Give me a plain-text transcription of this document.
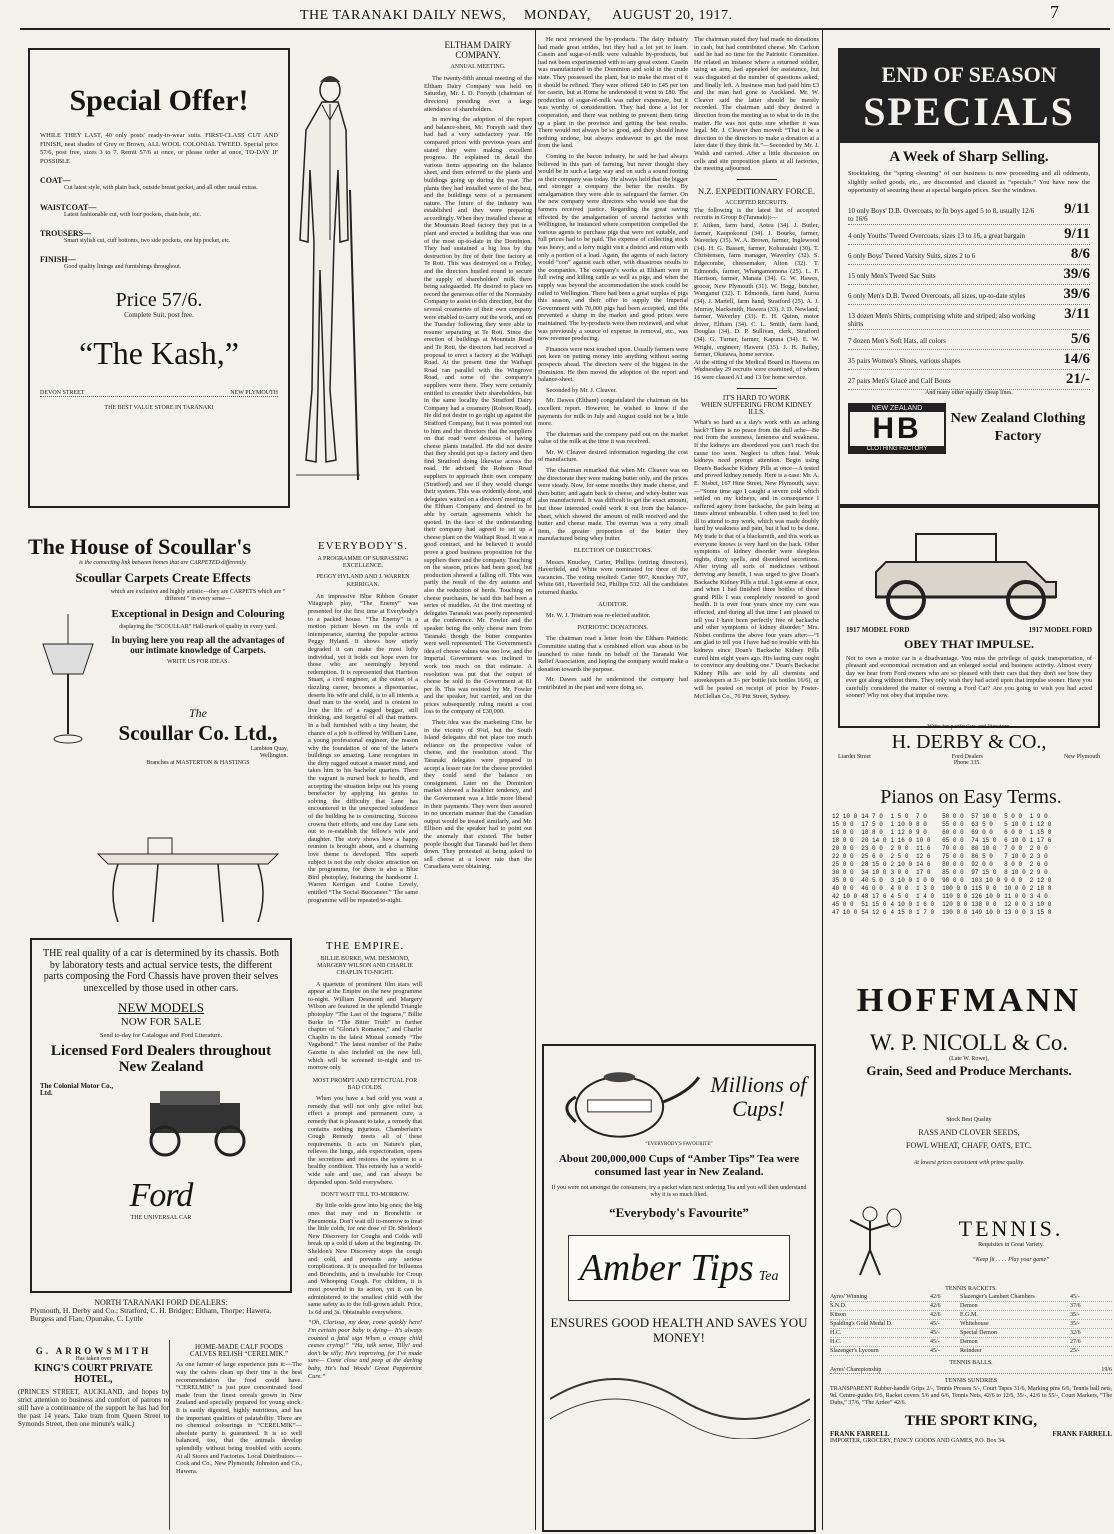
THE TARANAKI DAILY NEWS, MONDAY, AUGUST 20, 1917.	7
Special Offer!
WHILE THEY LAST, 40 only posts' ready-to-wear suits. FIRST-CLASS CUT AND FINISH, neat shades of Grey or Brown, ALL WOOL COLONIAL TWEED. Special price 57/6, post free, sizes 3 to 7. Remit 57/6 at once, or please order at once, TO-DAY IF POSSIBLE
COAT—
Cut latest style, with plain back, outside breast pocket, and all other usual extras.
WAISTCOAT—
Latest fashionable cut, with four pockets, chain hole, etc.
TROUSERS—
Smart stylish cut, cuff bottoms, two side pockets, one hip pocket, etc.
FINISH—
Good quality linings and furnishings throughout.
Price 57/6.
Complete Suit, post free.
“The Kash,”
DEVON STREET	NEW PLYMOUTH
THE BEST VALUE STORE IN TARANAKI
The House of Scoullar's
is the connecting link between homes that are CARPETED differently.
Scoullar Carpets Create Effects
which are exclusive and highly artistic—they are CARPETS which are “ different ” in every sense—
Exceptional in Design and Colouring
displaying the “SCOULLAR” Hall-mark of quality in every yard.
In buying here you reap all the advantages of our intimate knowledge of Carpets.
WRITE US FOR IDEAS.
The
Scoullar Co. Ltd.,
Lambton Quay,
Wellington.
Branches at MASTERTON & HASTINGS
THE real quality of a car is determined by its chassis. Both by laboratory tests and actual service tests, the different parts composing the Ford Chassis have proven their selves unexcelled by those used in other cars.
NEW MODELS
NOW FOR SALE
Send to-day for Catalogue and Ford Literature.
Licensed Ford Dealers throughout New Zealand
The Colonial Motor Co., Ltd.
Ford
THE UNIVERSAL CAR
NORTH TARANAKI FORD DEALERS:
Plymouth, H. Derby and Co.; Stratford, C. H. Bridger; Eltham, Thorpe; Hawera, Burgess and Flan; Opunake, C. Lyttle
G. ARROWSMITH
Has taken over
KING'S COURT PRIVATE HOTEL,
(PRINCES STREET, AUCKLAND, and hopes by strict attention to business and comfort of patrons to still have a continuance of the support he has had for the past 14 years. Take tram from Queen Street to Symonds Street, then one minute's walk.)
HOME-MADE CALF FOODS
CALVES RELISH “CERELMIK.”
As one farmer of large experience puts it:—The way the calves clean up their tins is the best recommendation the food could have. “CERELMIK” is just pure concentrated food made from the finest cereals grown in New Zealand and specially prepared for young stock. It is easily digested, highly nutritious, and has the important qualities of palatability. There are no chemical colourings in “CERELMIK”—absolute purity is guaranteed. It is so well balanced, too, that the animals develop splendidly without being troubled with scours. At all Stores and Factories. Local Distributors.—Cock and Co., New Plymouth; Johnston and Co., Hawera.
EVERYBODY'S.
A PROGRAMME OF SURPASSING EXCELLENCE.
PEGGY HYLAND AND J. WARREN KERRIGAN.

An impressive Blue Ribbon Greater Vitagraph play, “The Enemy” was presented for the first time at Everybody's to a packed house. “The Enemy” is a motion picture blown on the evils of intemperance, starring the popular actress Peggy Hyland. It shows how utterly degraded it can make the most lofty individual, yet it holds out hope even for those who are seemingly beyond redemption. It is represented that Harrison Stuart, a civil engineer, at the outset of a dazzling career, becomes a dipsomaniac, deserts his wife and child, is to all intents a dead man to the world, and is content to live the life of a ragged beggar, still drinking, and forgetful of all that matters. In a hall furnished with a tiny heater, the chance of a job is offered by William Lane, a young professional engineer, the reason why the foundation of one of the latter's buildings so amazing. Lane recognises in the dirty ragged outcast a master mind, and takes him to his bachelor quarters. There the vagrant is nursed back to health, and accepting the situation helps out his young benefactor by applying his genius to solving the difficulty that Lane has encountered in the unexpected subsidence of the building he is constructing. Success crowns their efforts, and one day Lane sets out to re-establish the fellow's wife and daughter. The story shows how a happy reunion is brought about, and a charming love theme is developed. This superb subject is not the only choice attraction on the programme, for there is also a Blue Bird photoplay, featuring the handsome J. Warren Kerrigan and Louise Lovely, entitled “The Social Buccaneer.” The same programme will be repeated to-night.

THE EMPIRE.
BILLIE BURKE, WM. DESMOND, MARGERY WILSON AND CHARLIE CHAPLIN TO-NIGHT.
A quartette of prominent film stars will appear at the Empire on the new programme to-night. William Desmond and Margery Wilson are featured in the splendid Triangle photoplay “The Last of the Ingrams,” Billie Burke in “The Bitter Truth” in further chapter of “Gloria's Romance,” and Charlie Chaplin in the latest Mutual comedy “The Vagabond.” The latest number of the Pathe Gazette is also included on the new bill, which will be screened to-night and to-morrow only.
MOST PROMPT AND EFFECTUAL FOR BAD COLDS.
When you have a bad cold you want a remedy that will not only give relief but effect a prompt and permanent cure, a remedy that is pleasant to take, a remedy that contains nothing injurious. Chamberlain's Cough Remedy meets all of these requirements. It acts on Nature's plan, relieves the lungs, aids expectoration, opens the secretions and restores the system to a healthy condition. This remedy has a world-wide sale and use, and can always be depended upon. Sold everywhere.
DON'T WAIT TILL TO-MORROW.
By little colds grow into big ones; the big ones that may end in Bronchitis or Pneumonia. Don't wait till to-morrow to treat the little colds, for one dose of Dr. Sheldon's New Discovery for Coughs and Colds will break up a cold if taken at the beginning. Dr. Sheldon's New Discovery stops the cough and cold, and prevents any serious complications. It is unequalled for Influenza and Bronchitis, and is invaluable for Croup and Whooping Cough. For children, it is most powerful in its action, yet it can be administered to the smallest child with the same safety as to the full-grown adult. Price, 1s 6d and 3s. Obtainable everywhere.
“Oh, Clarissa, my dear, come quickly here! I'm certain poor baby is dying— It's always counted a fatal sign When a croupy child ceases crying!” “Ha, talk sense, Tilly! and don't be silly; He's improving, for I've made sure— Come close and peep at the darling baby, He's had Woods' Great Peppermint Cure.”
ELTHAM DAIRY COMPANY.
ANNUAL MEETING.

The twenty-fifth annual meeting of the Eltham Dairy Company was held on Saturday, Mr. I. D. Forsyth (chairman of directors) presiding over a large attendance of shareholders.

In moving the adoption of the report and balance-sheet, Mr. Forsyth said they had had a very satisfactory year. He compared prices with previous years and stated they were making excellent progress. He explained in detail the various items appearing on the balance sheet, and then referred to the plants and buildings going up during the year. The plants they had installed were of the best, and the buildings were of a permanent nature. The future of the industry was established and they were preparing accordingly. When they installed cheese at the Mountain Road factory they put in a plant and erected a building that was one of the most up-to-date in the Dominion. They had sustained a big loss by the destruction by fire of their fine factory at Te Roti. This was destroyed on a Friday, and the directors hustled round to secure the supply of shareholders' milk there being safeguarded. He desired to place on record the generous offer of the Normanby Company to assist in this direction, but the several creameries of their own company were enabled to carry out the work, and on the Tuesday following they were able to resume separating at Te Roti. Since the erection of buildings at Mountain Road and Te Roti, the directors had received a proposal to erect a factory at the Waihapi Road. At the present time the Waihapi Road ran parallel with the Wingrove Road, and some of the company's suppliers were there. They were certainly entitled to consider their shareholders, but in the same locality the Stratford Dairy Company had a creamery (Robson Road). He did not desire to go right up against the Stratford Company, but it was pointed out to him and the directors that the suppliers on that road were desirous of having cheese plants installed. He did not desire that they should put up a factory and then find Stratford doing likewise across the road. He advised the Robson Road suppliers to approach their own company (Stratford) and see if they would change their system. This was evidently done, and delegates waited on a directors' meeting of the Eltham Company and desired to be able by certain agreements which he quoted. In the face of the understanding their company had agreed to set up a cheese plant on the Waihapi Road. It was a good contract, and he believed it would prove a good business proposition for the suppliers there and the company. Touching on the season, prices had been good, but production showed a falling off. This was partly the result of the dry autumn and also the reduction of herds. Touching on cheese purchases, he said this had been a series of muddles. At the first meeting of delegates Taranaki was poorly represented at the conference. Mr. Fowler and the speaker being the only cheese men from Taranaki though the butter companies were well represented. The Government's idea of cheese values was too low, and the Imperial Government was inclined to work too much on that estimate. A resolution was put that the output of cheese be sold to the Government at 81 per lb. This was resisted by Mr. Fowler and the speaker, but carried, and on the prices subsequently ruling meant a cost loss to the company of £30,000.

Their idea was the marketing Ctte. be in the vicinity of 9¼d, but the South Island delegates did not place too much reliance on the prospective value of cheese, and the resolution stood. The Taranaki delegates were prepared to accept a lesser rate for the cheese provided they could send the balance on consignment. Later on the Dominion market showed a healthier tendency, and the Government was a little more liberal in their payments. They were then assured in no uncertain manner that the Canadian output would be treated similarly, and Mr. Ellison and the speaker had to point out the anomaly that existed. The butter people thought that Taranaki had let them down. They protested at being asked to sell cheese at a lower rate than the Canadians were obtaining.

He next reviewed the by-products. The dairy industry had made great strides, but they had a lot yet to learn. Casein and sugar-of-milk were valuable by-products, but had not been experimented with to any great extent. Casein was manufactured in the Dominion and sold in the crude state. They possessed the plant, but to make the most of it it should be refined. They were offered £40 to £45 per ton for casein, but at Home he understood it went to £80. The production of sugar-of-milk was rather expensive, but it was worthy of consideration. They had done a lot for cooperation, and there was nothing to prevent them tiring up a plant in the province and getting the best results. There would not always be so good, and they should leave nothing undone, but always endeavour to get the most from the land.

Coming to the bacon industry, he said he had always believed in this part of farming, but never thought they would be in such a large way and on such a sound footing as their company was today. He always held that the bigger and stronger a company the better the results. By amalgamation they were able to safeguard the farmer. On the new company were directors who would see that the farmers received justice. Regarding the great saving effected by the amalgamation of several factories with Wellington, he instanced where competition compelled the various agents to purchase pigs that were not suitable, and full prices had to be paid. The expense of collecting stock was heavy, and a lorry might visit a district and return with only a portion of a load. Again, the agents of each factory would “con” against each other, with disastrous results to the companies. The company's works at Eltham were in full swing and killing cattle as well as pigs, and when the supply was beyond the accommodation the stock could be railed to Wellington. There had been a great surplus of pigs this season, and their offer to supply the Imperial Government with 70,000 pigs had been accepted, and this prevented a slump in the market and good prices were maintained. The by-products were then reviewed, and what was previously a source of expense in removal, etc., was now revenue producing.

Finances were next touched upon. Usually farmers were not keen on putting money into anything without seeing prospects ahead. The directors were of the biggest in the Dominion. He then moved the adoption of the report and balance-sheet.

Seconded by Mr. J. Cleaver.

Mr. Dawes (Eltham) congratulated the chairman on his excellent report. However, he wished to know if the payments for milk in July and August could not be a little more.

The chairman said the company paid out on the market value of the milk at the time it was received.

Mr. W. Cleaver desired information regarding the cost of manufacture.

The chairman remarked that when Mr. Cleaver was on the directorate they were making butter only, and the prices were steady. Now, for some months they made cheese, and then butter, and again back to cheese, and whey-butter was also manufactured. It was difficult to get the exact amount, but those interested could work it out from the balance-sheet, which showed the amount of milk received and the butter and cheese made. The overrun was a very small item, the greater proportion of the butter they manufactured being whey butter.

ELECTION OF DIRECTORS.

Messrs Knuckey, Carter, Phillips (retiring directors), Haverfield, and White were nominated for three of the vacancies. The voting resulted: Carter 907, Knuckey 707, White 681, Haverfield 562, Phillips 532. All the candidates returned thanks.

AUDITOR.

Mr. W. J. Tristram was re-elected auditor.

PATRIOTIC DONATIONS.

The chairman read a letter from the Eltham Patriotic Committee stating that a combined effort was about to be launched to raise funds on behalf of the Taranaki War Relief Association, and hoping the company would make a donation towards the purpose.

Mr. Dawes said he understood the company had contributed in the past and were doing so.

The chairman stated they had made no donations in cash, but had contributed cheese. Mr. Carlson said he had no time for the Patriotic Committee. He related an instance where a returned soldier, using an arm, had appealed for assistance, but was disgusted at the number of questions asked, and finally left. A business man had paid him £3 and the man had gone to Auckland. Mr. W. Cleaver said the latter should be merely recorded. The chairman said they desired a direction from the meeting as to what to do in the matter. He was not quite sure whether it was legal. Mr. J. Cleaver then moved: “That it be a direction to the directors to make a donation at a later date if they think fit.”—Seconded by Mr. J. Walsh and carried. After a little discussion on cells and site proposition plants at all factories, the meeting adjourned.
N.Z. EXPEDITIONARY FORCE.
ACCEPTED RECRUITS.
The following is the latest list of accepted recruits in Group 8 (Taranaki):—
F. Aitken, farm hand, Aotea (34). J. Butler, farmer, Kaupokonui (34). J. Bourke, farmer, Waverley (35). W. A. Brown, farmer, Inglewood (34). H. G. Bassett, farmer, Kohuratahi (30). T. Christensen, farm manager, Waverley (32). S. Edgecombe, cheesemaker, Alton (32). T. Edmonds, farmer, Whangamomona (25). L. F. Harrison, farmer, Manaia (34). G. W. Hawes, grocer, New Plymouth (31). W. Hogg, butcher, Wanganui (32). T. Edmonds, farm hand, Auroa (34). J. Martell, farm hand, Stratford (25). A. J. Murray, blacksmith, Hawera (33). J. D. Newland, farmer, Waverley (33). E. H. Quinn, motor driver, Eltham (34). C. L. Smith, farm hand, Douglas (34). D. P. Sullivan, clerk, Stratford (34). G. Turner, farmer, Kapuna (34). E. W. Wright, engineer, Hawera (35). J. H. Bailey, farmer, Okaiawa, home service.
At the sitting of the Medical Board in Hawera on Wednesday 29 recruits were examined, of whom 16 were classed A1 and 13 for home service.
IT'S HARD TO WORK
WHEN SUFFERING FROM KIDNEY ILLS.
What's so hard as a day's work with an aching back? There is no peace from the dull ache—Be rest from the soreness, lameness and weakness. If the kidneys are disordered you can't reach the cause too soon. Neglect is often fatal. Weak kidneys need prompt attention. Begin using Doan's Backache Kidney Pills at once—A tested and proved kidney remedy. Here is a case: Mr. A. E. Nisbet, 167 Hine Street, New Plymouth, says:—“Some time ago I caught a severe cold which settled on my kidneys, and in consequence I suffered agony from backache, the pain being at times almost unbearable. I often used to feel too ill to attend to my work, which was made doubly hard by weakness and pain, but it had to be done. My trade is that of a blacksmith, and this work as everyone knows is very hard on the back. Other symptoms of kidney disorder were sleepless nights, dizzy spells, and disordered secretions. After trying all sorts of medicines without deriving any benefit, I was urged to give Doan's Backache Kidney Pills a trial. I got some at once, and when I had finished three bottles of these grand Pills I was completely restored to good health. It is over four years since my cure was effected, and during all that time I am pleased to tell you I have been perfectly free of backache and other symptoms of kidney disorder.” Mrs. Nisbet confirms the above four years after:—“I am glad to tell you I have had no trouble with his kidneys since Doan's Backache Kidney Pills cured him eight years ago. His lasting cure ought to convince any doubting one.” Doan's Backache Kidney Pills are sold by all chemists and storekeepers at 3/- per bottle (six bottles 16/6), or will be posted on receipt of price by Foster-McClellan Co., 76 Pitt Street, Sydney.
Millions of Cups!
“EVERYBODY'S FAVOURITE”
About 200,000,000 Cups of “Amber Tips” Tea were consumed last year in New Zealand.
If you were not amongst the consumers, try a packet when next ordering Tea and you will then understand why it is so much liked.
“Everybody's Favourite”
Amber Tips Tea
ENSURES GOOD HEALTH AND SAVES YOU MONEY!
END OF SEASON
SPECIALS
A Week of Sharp Selling.
Stocktaking, the “spring cleaning” of our business is now proceeding and all oddments, slightly soiled goods, etc., are discounted and classed as “specials.” You have now the opportunity of securing these at special bargain prices. See the windows.
10 only Boys' D.B. Overcoats, to fit boys aged 5 to 8, usually 12/6 to 16/6
9/11
4 only Youths' Tweed Overcoats, sizes 13 to 16, a great bargain	9/11
6 only Boys' Tweed Varsity Suits, sizes 2 to 6	8/6
15 only Men's Tweed Sac Suits	39/6
6 only Men's D.B. Tweed Overcoats, all sizes, up-to-date styles	39/6
13 dozen Men's Shirts, comprising white and striped; also working shirts
3/11
7 dozen Men's Soft Hats, all colors	5/6
35 pairs Women's Shoes, various shapes	14/6
27 pairs Men's Glacé and Calf Boots	21/-
And many other equally cheap lines.
NEW ZEALAND
HB
CLOTHING FACTORY
New Zealand Clothing Factory
1917 MODEL FORD	1917 MODEL FORD
OBEY THAT IMPULSE.
Not to own a motor car is a disadvantage. You miss the privilege of quick transportation, of pleasant and economical recreation and an enlarged social and business activity. Almost every day we hear from Ford owners who are so pleased with their cars that they don't see how they ever got along without them. They only wish they had acted upon that impulse sooner. Have you carefully considered the matter of owning a Ford Car? Are you going to wish you had acted sooner? Why not obey that impulse now.
Write for particulars and literature.
H. DERBY & CO.,
Liardet Street	Ford Dealers
Phone 335.
New Plymouth
Pianos on Easy Terms.
12 10 0	14 7 0	1 5 0	7 0
15 0 0	17 5 0	1 10 0	8 0
16 0 0	18 8 0	1 12 0	9 0
18 0 0	20 14 0	1 16 0	10 0
20 0 0	23 0 0	2 0 0	11 6
22 0 0	25 6 0	2 5 0	12 6
25 0 0	28 15 0	2 10 0	14 6
30 0 0	34 10 0	3 0 0	17 0
35 0 0	40 5 0	3 10 0	1 0 0
40 0 0	46 0 0	4 0 0	1 3 0
42 10 0	48 17 6	4 5 0	1 4 0
45 0 0	51 15 0	4 10 0	1 6 0
47 10 0	54 12 6	4 15 0	1 7 0
50 0 0	57 10 0	5 0 0	1 9 0
55 0 0	63 5 0	5 10 0	1 12 0
60 0 0	69 0 0	6 0 0	1 15 0
65 0 0	74 15 0	6 10 0	1 17 6
70 0 0	80 10 0	7 0 0	2 0 0
75 0 0	86 5 0	7 10 0	2 3 0
80 0 0	92 0 0	8 0 0	2 6 0
85 0 0	97 15 0	8 10 0	2 9 0
90 0 0	103 10 0	9 0 0	2 12 0
100 0 0	115 0 0	10 0 0	2 18 0
110 0 0	126 10 0	11 0 0	3 4 0
120 0 0	138 0 0	12 0 0	3 10 0
130 0 0	149 10 0	13 0 0	3 15 0
HOFFMANN
W. P. NICOLL & Co.
(Late W. Rowe),
Grain, Seed and Produce Merchants.
Stock Best Quality
RASS AND CLOVER SEEDS,
FOWL WHEAT, CHAFF, OATS, ETC.
At lowest prices consistent with prime quality.
TENNIS.
Requisites in Great Variety.
“Keep fit . . . . Play your game”
TENNIS RACKETS.
Ayres' Winning	42/6	Slazenger's Lambert Chambers	45/-
S.N.D.	42/6	Demon	37/6
Kitson	42/6	E.G.M.	35/-
Spalding's Gold Medal D.	45/-	Whitehouse	35/-
H.C.	45/-	Special Demon	32/6
H.C.	45/-	Demon	27/6
Slazenger's Lycourn	45/-	Reindeer	25/-
TENNIS BALLS.
Ayres' Championship	19/6
TENNIS SUNDRIES
TRANSPARENT Rubber-handle Grips 2/-, Tennis Presses 5/-, Court Tapes 31/6, Marking pins 6/6, Tennis ball nets, 9d. Centre-guides 6/6, Racket covers 5/6 and 6/6, Tennis Nets, 42/6 to 12/6, 35/-, 42/6 to 55/-, Court Markers, “The Dubs,” 37/6, “The Ardee” 42/6.
THE SPORT KING,
FRANK FARRELL	FRANK FARRELL
IMPORTER, GROCERY, FANCY GOODS AND GAMES, P.O. Box 34.
